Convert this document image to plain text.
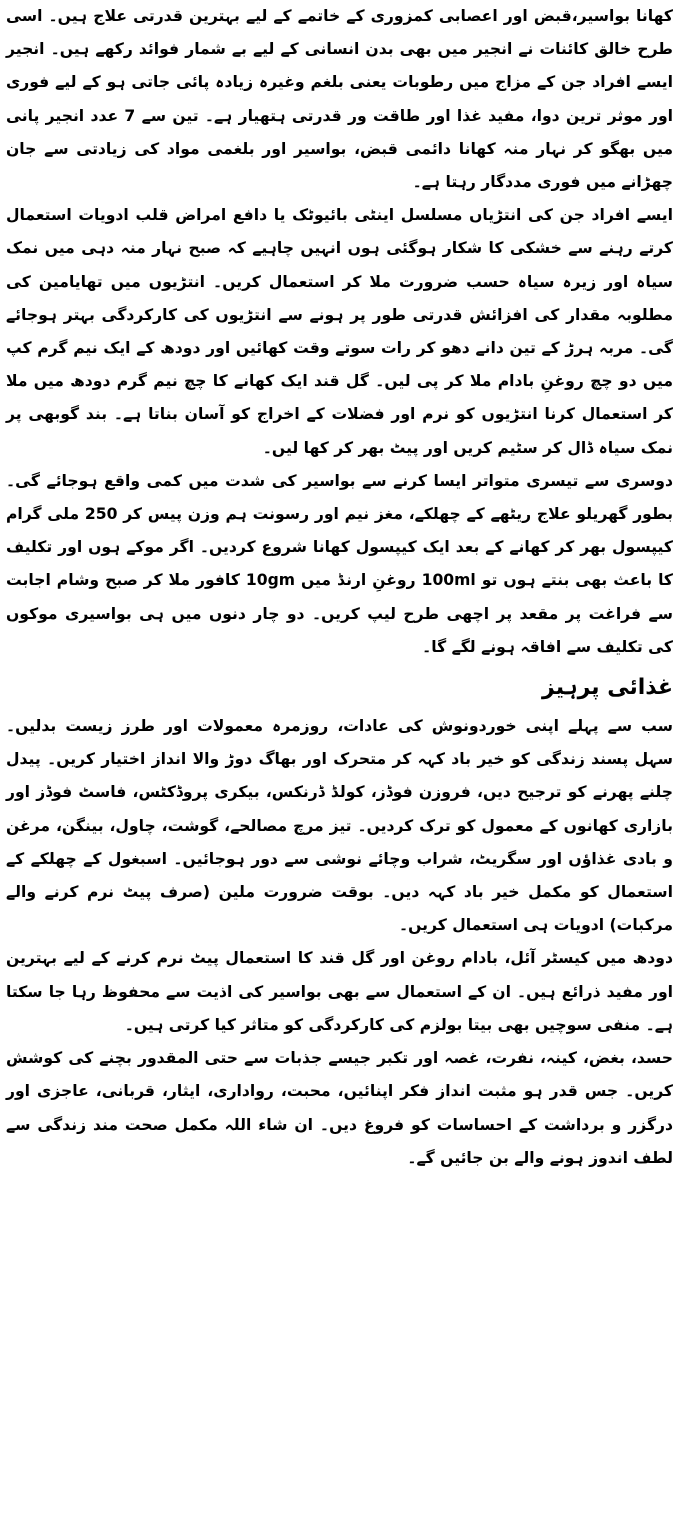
کھانا بواسیر،قبض اور اعصابی کمزوری کے خاتمے کے لیے بہترین قدرتی علاج ہیں۔ اسی طرح خالق کائنات نے انجیر میں بھی بدن انسانی کے لیے بے شمار فوائد رکھے ہیں۔ انجیر ایسے افراد جن کے مزاج میں رطوبات یعنی بلغم وغیرہ زیادہ پائی جاتی ہو کے لیے فوری اور موثر ترین دوا، مفید غذا اور طاقت ور قدرتی ہتھیار ہے۔ تین سے 7 عدد انجیر پانی میں بھگو کر نہار منہ کھانا دائمی قبض، بواسیر اور بلغمی مواد کی زیادتی سے جان چھڑانے میں فوری مددگار رہتا ہے۔

ایسے افراد جن کی انتڑیاں مسلسل اینٹی بائیوٹک یا دافع امراض قلب ادویات استعمال کرتے رہنے سے خشکی کا شکار ہوگئی ہوں انہیں چاہیے کہ صبح نہار منہ دہی میں نمک سیاہ اور زیرہ سیاہ حسب ضرورت ملا کر استعمال کریں۔ انتڑیوں میں تھایامین کی مطلوبہ مقدار کی افزائش قدرتی طور پر ہونے سے انتڑیوں کی کارکردگی بہتر ہوجائے گی۔ مربہ ہرڑ کے تین دانے دھو کر رات سوتے وقت کھائیں اور دودھ کے ایک نیم گرم کپ میں دو چچ روغنِ بادام ملا کر پی لیں۔ گل قند ایک کھانے کا چچ نیم گرم دودھ میں ملا کر استعمال کرنا انتڑیوں کو نرم اور فضلات کے اخراج کو آسان بناتا ہے۔ بند گوبھی پر نمک سیاہ ڈال کر سٹیم کریں اور پیٹ بھر کر کھا لیں۔

دوسری سے تیسری متواتر ایسا کرنے سے بواسیر کی شدت میں کمی واقع ہوجائے گی۔ بطور گھریلو علاج ریٹھے کے چھلکے، مغز نیم اور رسونت ہم وزن پیس کر 250 ملی گرام کیپسول بھر کر کھانے کے بعد ایک کیپسول کھانا شروع کردیں۔ اگر موکے ہوں اور تکلیف کا باعث بھی بنتے ہوں تو 100ml روغنِ ارنڈ میں 10gm کافور ملا کر صبح وشام اجابت سے فراغت پر مقعد پر اچھی طرح لیپ کریں۔ دو چار دنوں میں ہی بواسیری موکوں کی تکلیف سے افاقہ ہونے لگے گا۔

غذائی پرہیز

سب سے پہلے اپنی خوردونوش کی عادات، روزمرہ معمولات اور طرز زیست بدلیں۔ سہل پسند زندگی کو خیر باد کہہ کر متحرک اور بھاگ دوڑ والا انداز اختیار کریں۔ پیدل چلنے پھرنے کو ترجیح دیں، فروزن فوڈز، کولڈ ڈرنکس، بیکری پروڈکٹس، فاسٹ فوڈز اور بازاری کھانوں کے معمول کو ترک کردیں۔ تیز مرچ مصالحے، گوشت، چاول، بینگن، مرغن و بادی غذاؤں اور سگریٹ، شراب وچائے نوشی سے دور ہوجائیں۔ اسبغول کے چھلکے کے استعمال کو مکمل خیر باد کہہ دیں۔ بوقت ضرورت ملین (صرف پیٹ نرم کرنے والے مرکبات) ادویات ہی استعمال کریں۔

دودھ میں کیسٹر آئل، بادام روغن اور گل قند کا استعمال پیٹ نرم کرنے کے لیے بہترین اور مفید ذرائع ہیں۔ ان کے استعمال سے بھی بواسیر کی اذیت سے محفوظ رہا جا سکتا ہے۔ منفی سوچیں بھی بیتا بولزم کی کارکردگی کو متاثر کیا کرتی ہیں۔

حسد، بغض، کینہ، نفرت، غصہ اور تکبر جیسے جذبات سے حتی المقدور بچنے کی کوشش کریں۔ جس قدر ہو مثبت انداز فکر اپنائیں، محبت، رواداری، ایثار، قربانی، عاجزی اور درگزر و برداشت کے احساسات کو فروغ دیں۔ ان شاء اللہ مکمل صحت مند زندگی سے لطف اندوز ہونے والے بن جائیں گے۔
